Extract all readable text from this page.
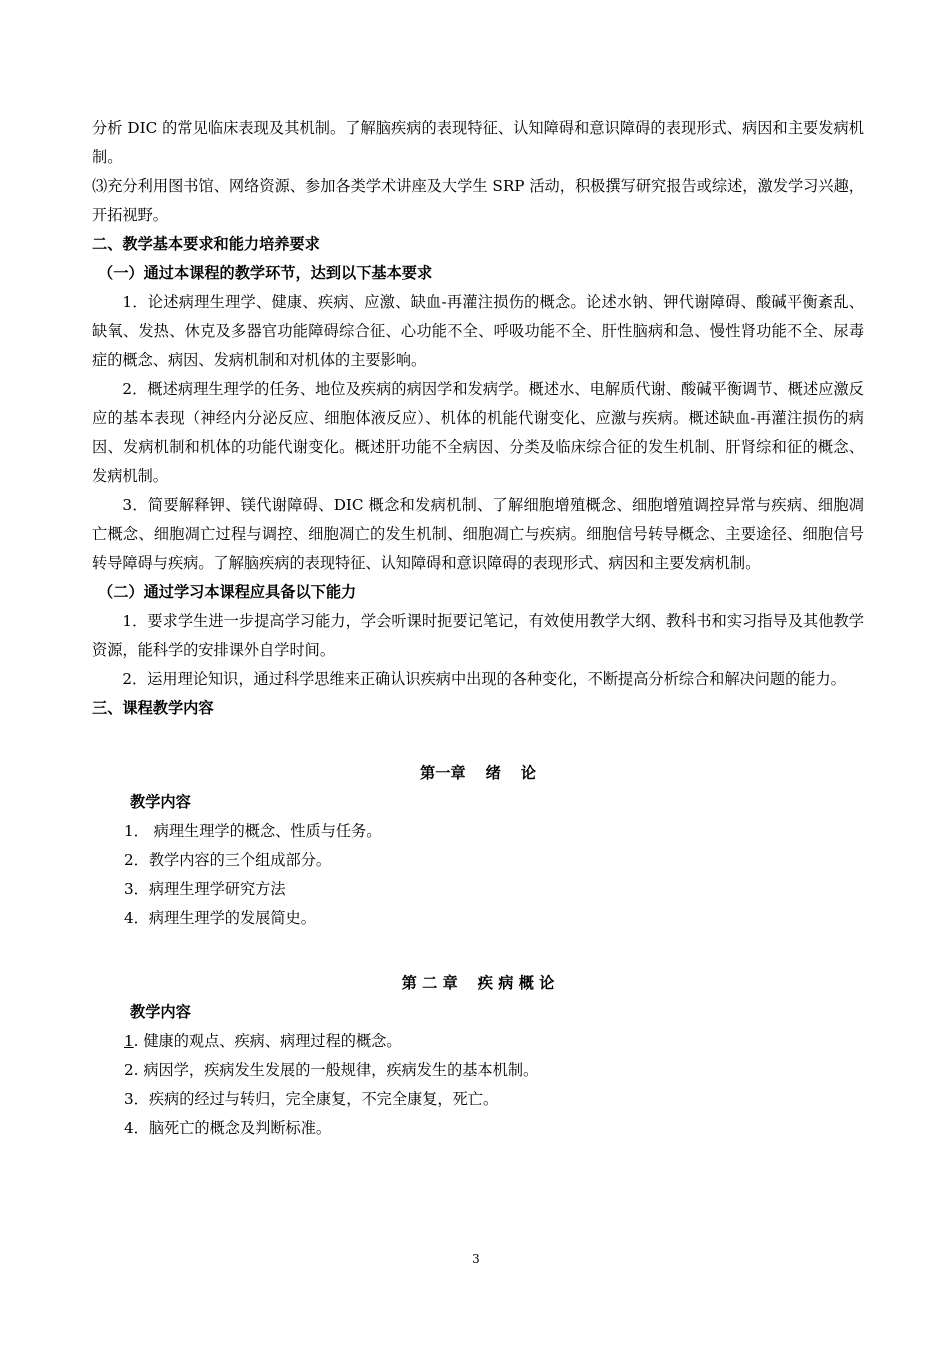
分析 DIC 的常见临床表现及其机制。了解脑疾病的表现特征、认知障碍和意识障碍的表现形式、病因和主要发病机制。

⑶充分利用图书馆、网络资源、参加各类学术讲座及大学生 SRP 活动，积极撰写研究报告或综述，激发学习兴趣，开拓视野。

二、教学基本要求和能力培养要求

（一）通过本课程的教学环节，达到以下基本要求

1．论述病理生理学、健康、疾病、应激、缺血-再灌注损伤的概念。论述水钠、钾代谢障碍、酸碱平衡紊乱、缺氧、发热、休克及多器官功能障碍综合征、心功能不全、呼吸功能不全、肝性脑病和急、慢性肾功能不全、尿毒症的概念、病因、发病机制和对机体的主要影响。

2．概述病理生理学的任务、地位及疾病的病因学和发病学。概述水、电解质代谢、酸碱平衡调节、概述应激反应的基本表现（神经内分泌反应、细胞体液反应）、机体的机能代谢变化、应激与疾病。概述缺血-再灌注损伤的病因、发病机制和机体的功能代谢变化。概述肝功能不全病因、分类及临床综合征的发生机制、肝肾综和征的概念、发病机制。

3．简要解释钾、镁代谢障碍、DIC 概念和发病机制、了解细胞增殖概念、细胞增殖调控异常与疾病、细胞凋亡概念、细胞凋亡过程与调控、细胞凋亡的发生机制、细胞凋亡与疾病。细胞信号转导概念、主要途径、细胞信号转导障碍与疾病。了解脑疾病的表现特征、认知障碍和意识障碍的表现形式、病因和主要发病机制。

（二）通过学习本课程应具备以下能力

1．要求学生进一步提高学习能力，学会听课时扼要记笔记，有效使用教学大纲、教科书和实习指导及其他教学资源，能科学的安排课外自学时间。

2．运用理论知识，通过科学思维来正确认识疾病中出现的各种变化，不断提高分析综合和解决问题的能力。

三、课程教学内容

第一章 绪 论

教学内容

1． 病理生理学的概念、性质与任务。

2．教学内容的三个组成部分。

3．病理生理学研究方法

4．病理生理学的发展简史。

第 二 章 疾 病 概 论

教学内容

1. 健康的观点、疾病、病理过程的概念。

2. 病因学，疾病发生发展的一般规律，疾病发生的基本机制。

3．疾病的经过与转归，完全康复，不完全康复，死亡。

4．脑死亡的概念及判断标准。

3
